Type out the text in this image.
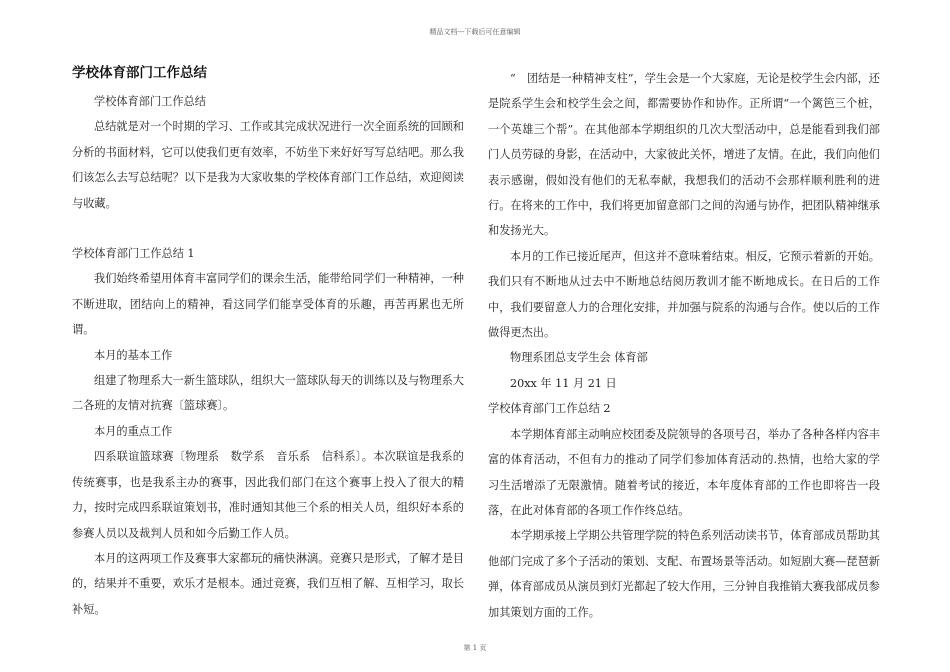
精品文档---下载后可任意编辑
学校体育部门工作总结

学校体育部门工作总结

总结就是对一个时期的学习、工作或其完成状况进行一次全面系统的回顾和分析的书面材料，它可以使我们更有效率，不妨坐下来好好写写总结吧。那么我们该怎么去写总结呢？以下是我为大家收集的学校体育部门工作总结，欢迎阅读与收藏。

学校体育部门工作总结 1

我们始终希望用体育丰富同学们的课余生活，能带给同学们一种精神，一种不断进取，团结向上的精神，看这同学们能享受体育的乐趣，再苦再累也无所谓。

本月的基本工作

组建了物理系大一新生篮球队，组织大一篮球队每天的训练以及与物理系大二各班的友情对抗赛〔篮球赛〕。

本月的重点工作

四系联谊篮球赛〔物理系　数学系　音乐系　信科系〕。本次联谊是我系的传统赛事，也是我系主办的赛事，因此我们部门在这个赛事上投入了很大的精力，按时完成四系联谊策划书，准时通知其他三个系的相关人员，组织好本系的参赛人员以及裁判人员和如今后勤工作人员。

本月的这两项工作及赛事大家都玩的痛快淋漓。竞赛只是形式，了解才是目的，结果并不重要，欢乐才是根本。通过竞赛，我们互相了解、互相学习，取长补短。

“　团结是一种精神支柱”，学生会是一个大家庭，无论是校学生会内部，还是院系学生会和校学生会之间，都需要协作和协作。正所谓“一个篱笆三个桩，一个英雄三个帮”。在其他部本学期组织的几次大型活动中，总是能看到我们部门人员劳碌的身影，在活动中，大家彼此关怀，增进了友情。在此，我们向他们表示感谢，假如没有他们的无私奉献，我想我们的活动不会那样顺利胜利的进行。在将来的工作中，我们将更加留意部门之间的沟通与协作，把团队精神继承和发扬光大。

本月的工作已接近尾声，但这并不意味着结束。相反，它预示着新的开始。我们只有不断地从过去中不断地总结阅历教训才能不断地成长。在日后的工作中，我们要留意人力的合理化安排，并加强与院系的沟通与合作。使以后的工作做得更杰出。

物理系团总支学生会 体育部

20xx 年 11 月 21 日

学校体育部门工作总结 2

本学期体育部主动响应校团委及院领导的各项号召，举办了各种各样内容丰富的体育活动，不但有力的推动了同学们参加体育活动的.热情，也给大家的学习生活增添了无限激情。随着考试的接近，本年度体育部的工作也即将告一段落，在此对体育部的各项工作作终总结。

本学期承接上学期公共管理学院的特色系列活动读书节，体育部成员帮助其他部门完成了多个子活动的策划、支配、布置场景等活动。如短剧大赛—琵琶新弹，体育部成员从演员到灯光都起了较大作用，三分钟自我推销大赛我部成员参加其策划方面的工作。

第 1 页
